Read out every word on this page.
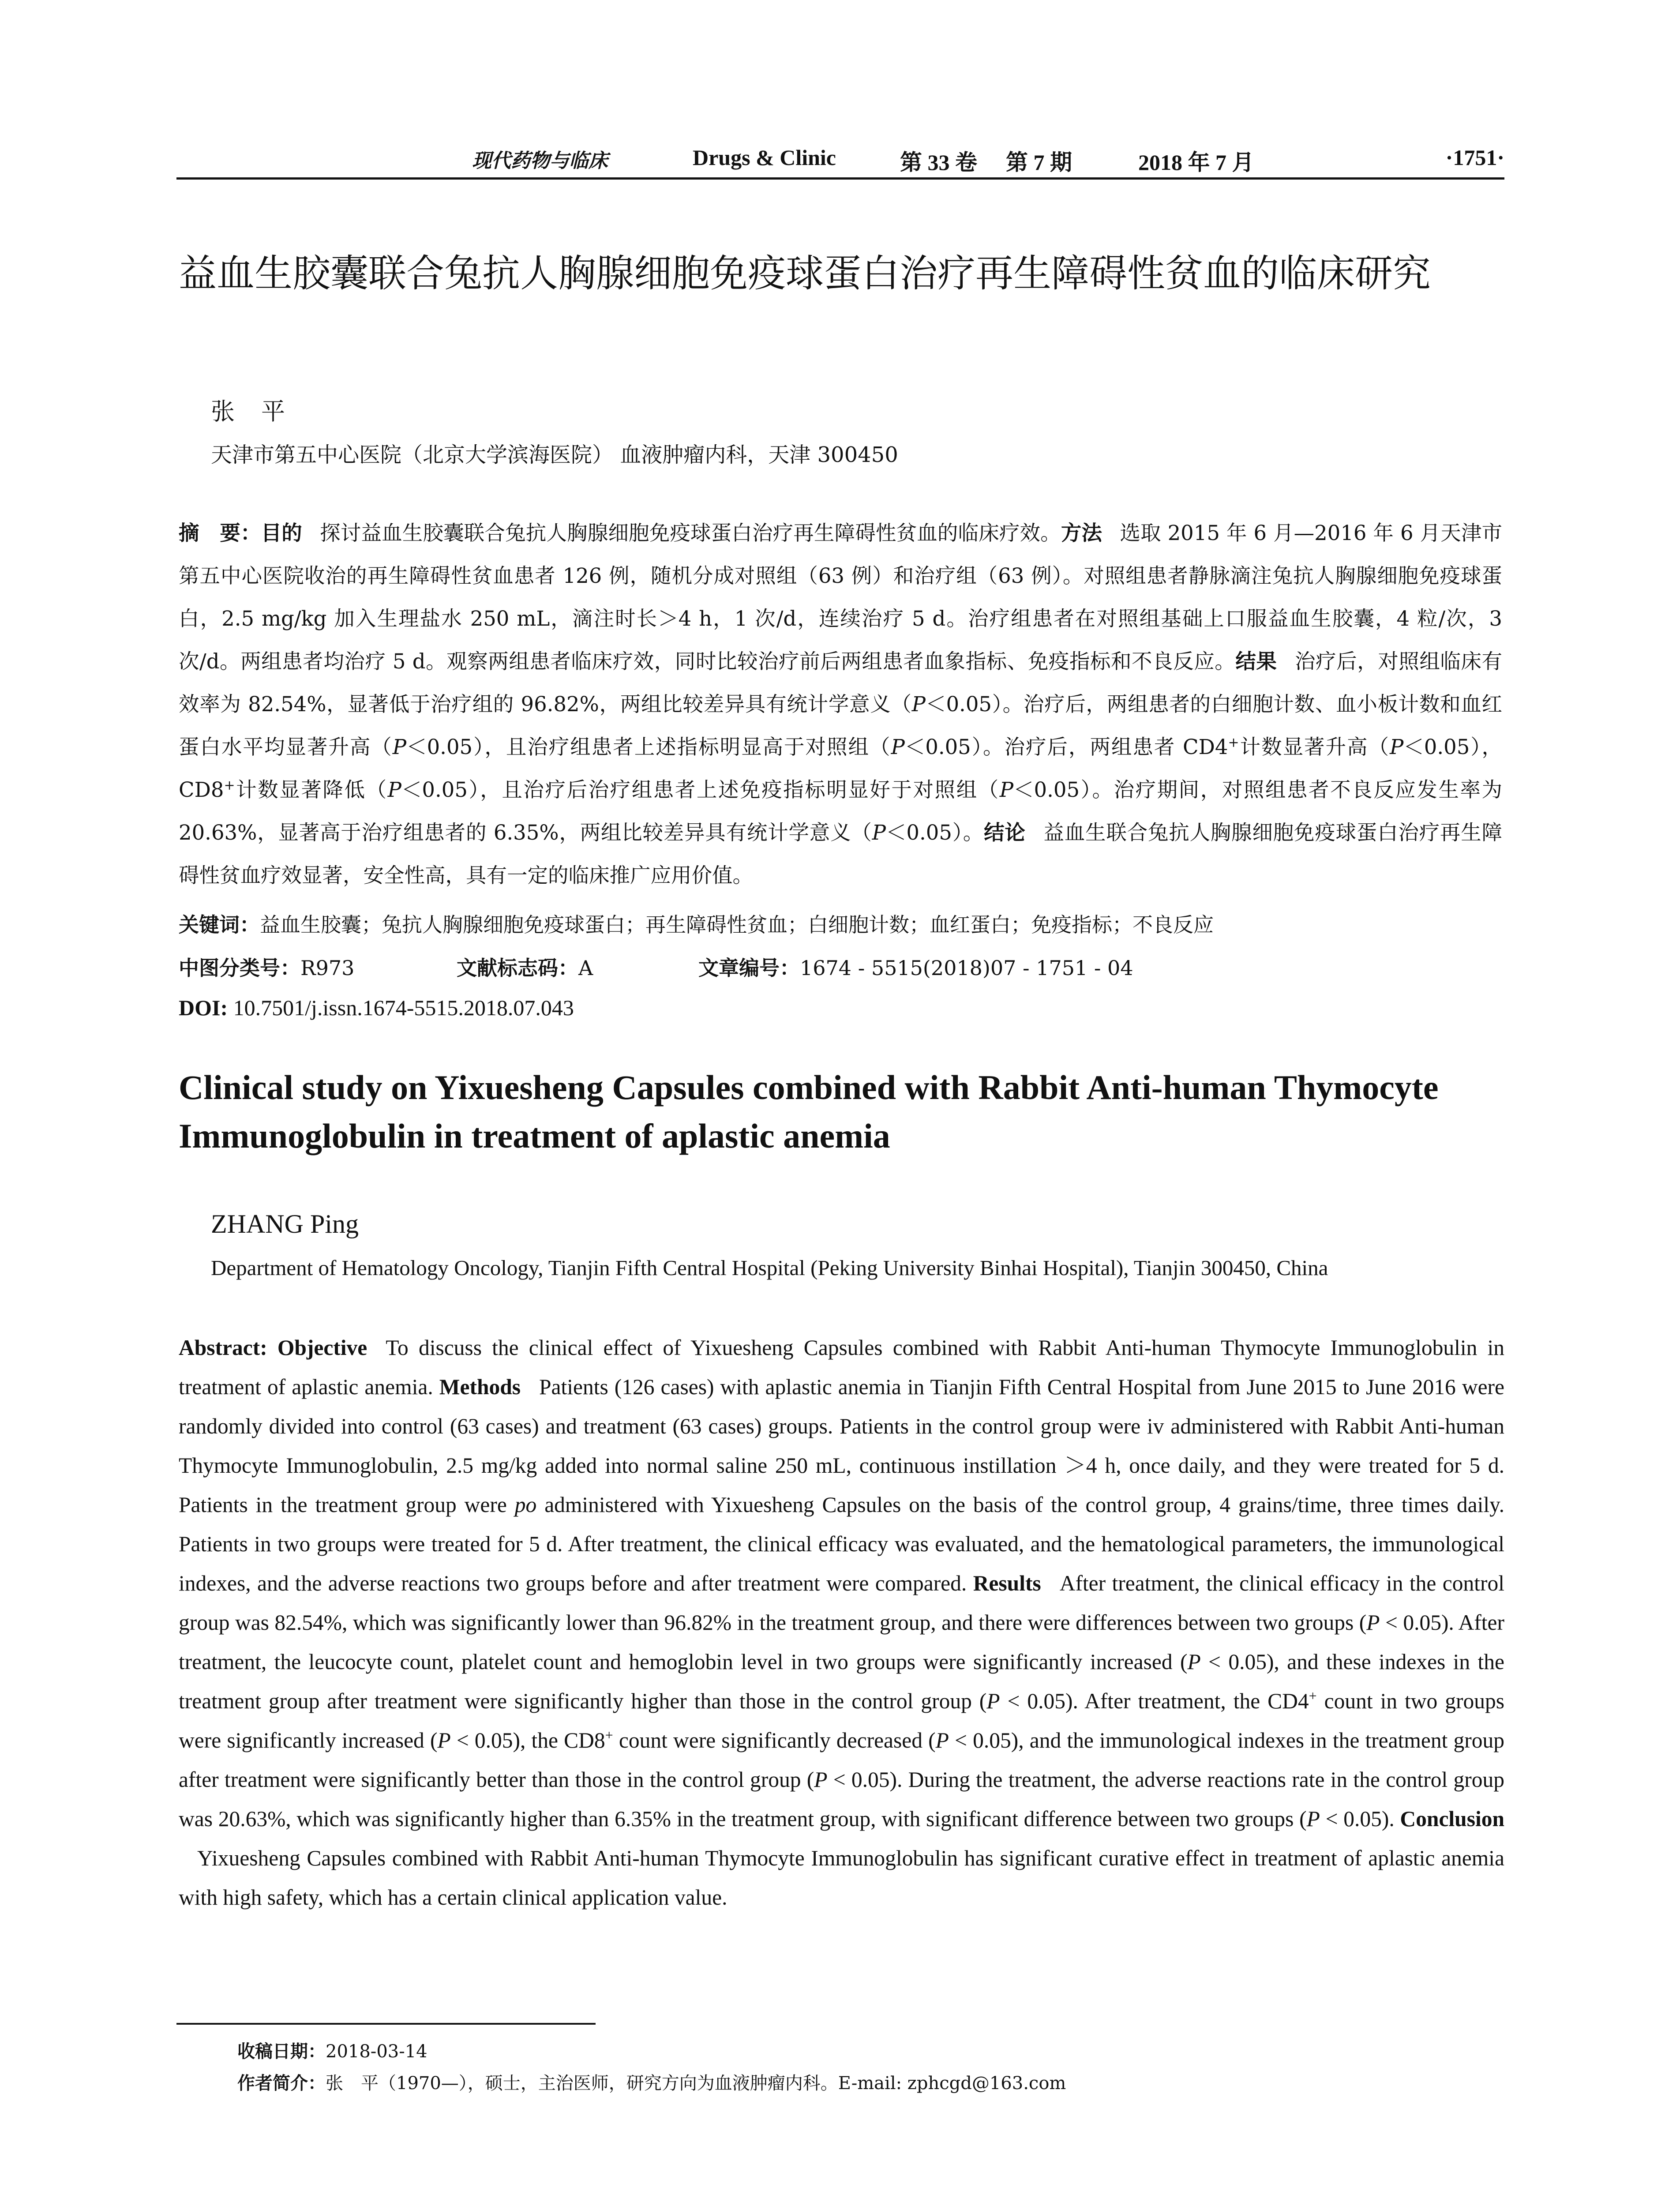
现代药物与临床	Drugs & Clinic	第 33 卷 第 7 期	2018 年 7 月	·1751·
益血生胶囊联合兔抗人胸腺细胞免疫球蛋白治疗再生障碍性贫血的临床研究
张平
天津市第五中心医院（北京大学滨海医院） 血液肿瘤内科，天津 300450
摘　要：目的 探讨益血生胶囊联合兔抗人胸腺细胞免疫球蛋白治疗再生障碍性贫血的临床疗效。方法 选取 2015 年 6 月—2016 年 6 月天津市第五中心医院收治的再生障碍性贫血患者 126 例，随机分成对照组（63 例）和治疗组（63 例）。对照组患者静脉滴注兔抗人胸腺细胞免疫球蛋白，2.5 mg/kg 加入生理盐水 250 mL，滴注时长＞4 h，1 次/d，连续治疗 5 d。治疗组患者在对照组基础上口服益血生胶囊，4 粒/次，3 次/d。两组患者均治疗 5 d。观察两组患者临床疗效，同时比较治疗前后两组患者血象指标、免疫指标和不良反应。结果 治疗后，对照组临床有效率为 82.54%，显著低于治疗组的 96.82%，两组比较差异具有统计学意义（P＜0.05）。治疗后，两组患者的白细胞计数、血小板计数和血红蛋白水平均显著升高（P＜0.05），且治疗组患者上述指标明显高于对照组（P＜0.05）。治疗后，两组患者 CD4+计数显著升高（P＜0.05），CD8+计数显著降低（P＜0.05），且治疗后治疗组患者上述免疫指标明显好于对照组（P＜0.05）。治疗期间，对照组患者不良反应发生率为 20.63%，显著高于治疗组患者的 6.35%，两组比较差异具有统计学意义（P＜0.05）。结论 益血生联合兔抗人胸腺细胞免疫球蛋白治疗再生障碍性贫血疗效显著，安全性高，具有一定的临床推广应用价值。
关键词：益血生胶囊；兔抗人胸腺细胞免疫球蛋白；再生障碍性贫血；白细胞计数；血红蛋白；免疫指标；不良反应
中图分类号：R973	文献标志码：A	文章编号：1674 - 5515(2018)07 - 1751 - 04
DOI: 10.7501/j.issn.1674-5515.2018.07.043
Clinical study on Yixuesheng Capsules combined with Rabbit Anti-human Thymocyte Immunoglobulin in treatment of aplastic anemia
ZHANG Ping
Department of Hematology Oncology, Tianjin Fifth Central Hospital (Peking University Binhai Hospital), Tianjin 300450, China
Abstract: Objective To discuss the clinical effect of Yixuesheng Capsules combined with Rabbit Anti-human Thymocyte Immunoglobulin in treatment of aplastic anemia. Methods Patients (126 cases) with aplastic anemia in Tianjin Fifth Central Hospital from June 2015 to June 2016 were randomly divided into control (63 cases) and treatment (63 cases) groups. Patients in the control group were iv administered with Rabbit Anti-human Thymocyte Immunoglobulin, 2.5 mg/kg added into normal saline 250 mL, continuous instillation ＞4 h, once daily, and they were treated for 5 d. Patients in the treatment group were po administered with Yixuesheng Capsules on the basis of the control group, 4 grains/time, three times daily. Patients in two groups were treated for 5 d. After treatment, the clinical efficacy was evaluated, and the hematological parameters, the immunological indexes, and the adverse reactions two groups before and after treatment were compared. Results After treatment, the clinical efficacy in the control group was 82.54%, which was significantly lower than 96.82% in the treatment group, and there were differences between two groups (P < 0.05). After treatment, the leucocyte count, platelet count and hemoglobin level in two groups were significantly increased (P < 0.05), and these indexes in the treatment group after treatment were significantly higher than those in the control group (P < 0.05). After treatment, the CD4+ count in two groups were significantly increased (P < 0.05), the CD8+ count were significantly decreased (P < 0.05), and the immunological indexes in the treatment group after treatment were significantly better than those in the control group (P < 0.05). During the treatment, the adverse reactions rate in the control group was 20.63%, which was significantly higher than 6.35% in the treatment group, with significant difference between two groups (P < 0.05). ConclusionYixuesheng Capsules combined with Rabbit Anti-human Thymocyte Immunoglobulin has significant curative effect in treatment of aplastic anemia with high safety, which has a certain clinical application value.
收稿日期：2018-03-14
作者简介：张　平（1970—），硕士，主治医师，研究方向为血液肿瘤内科。E-mail: zphcgd@163.com
